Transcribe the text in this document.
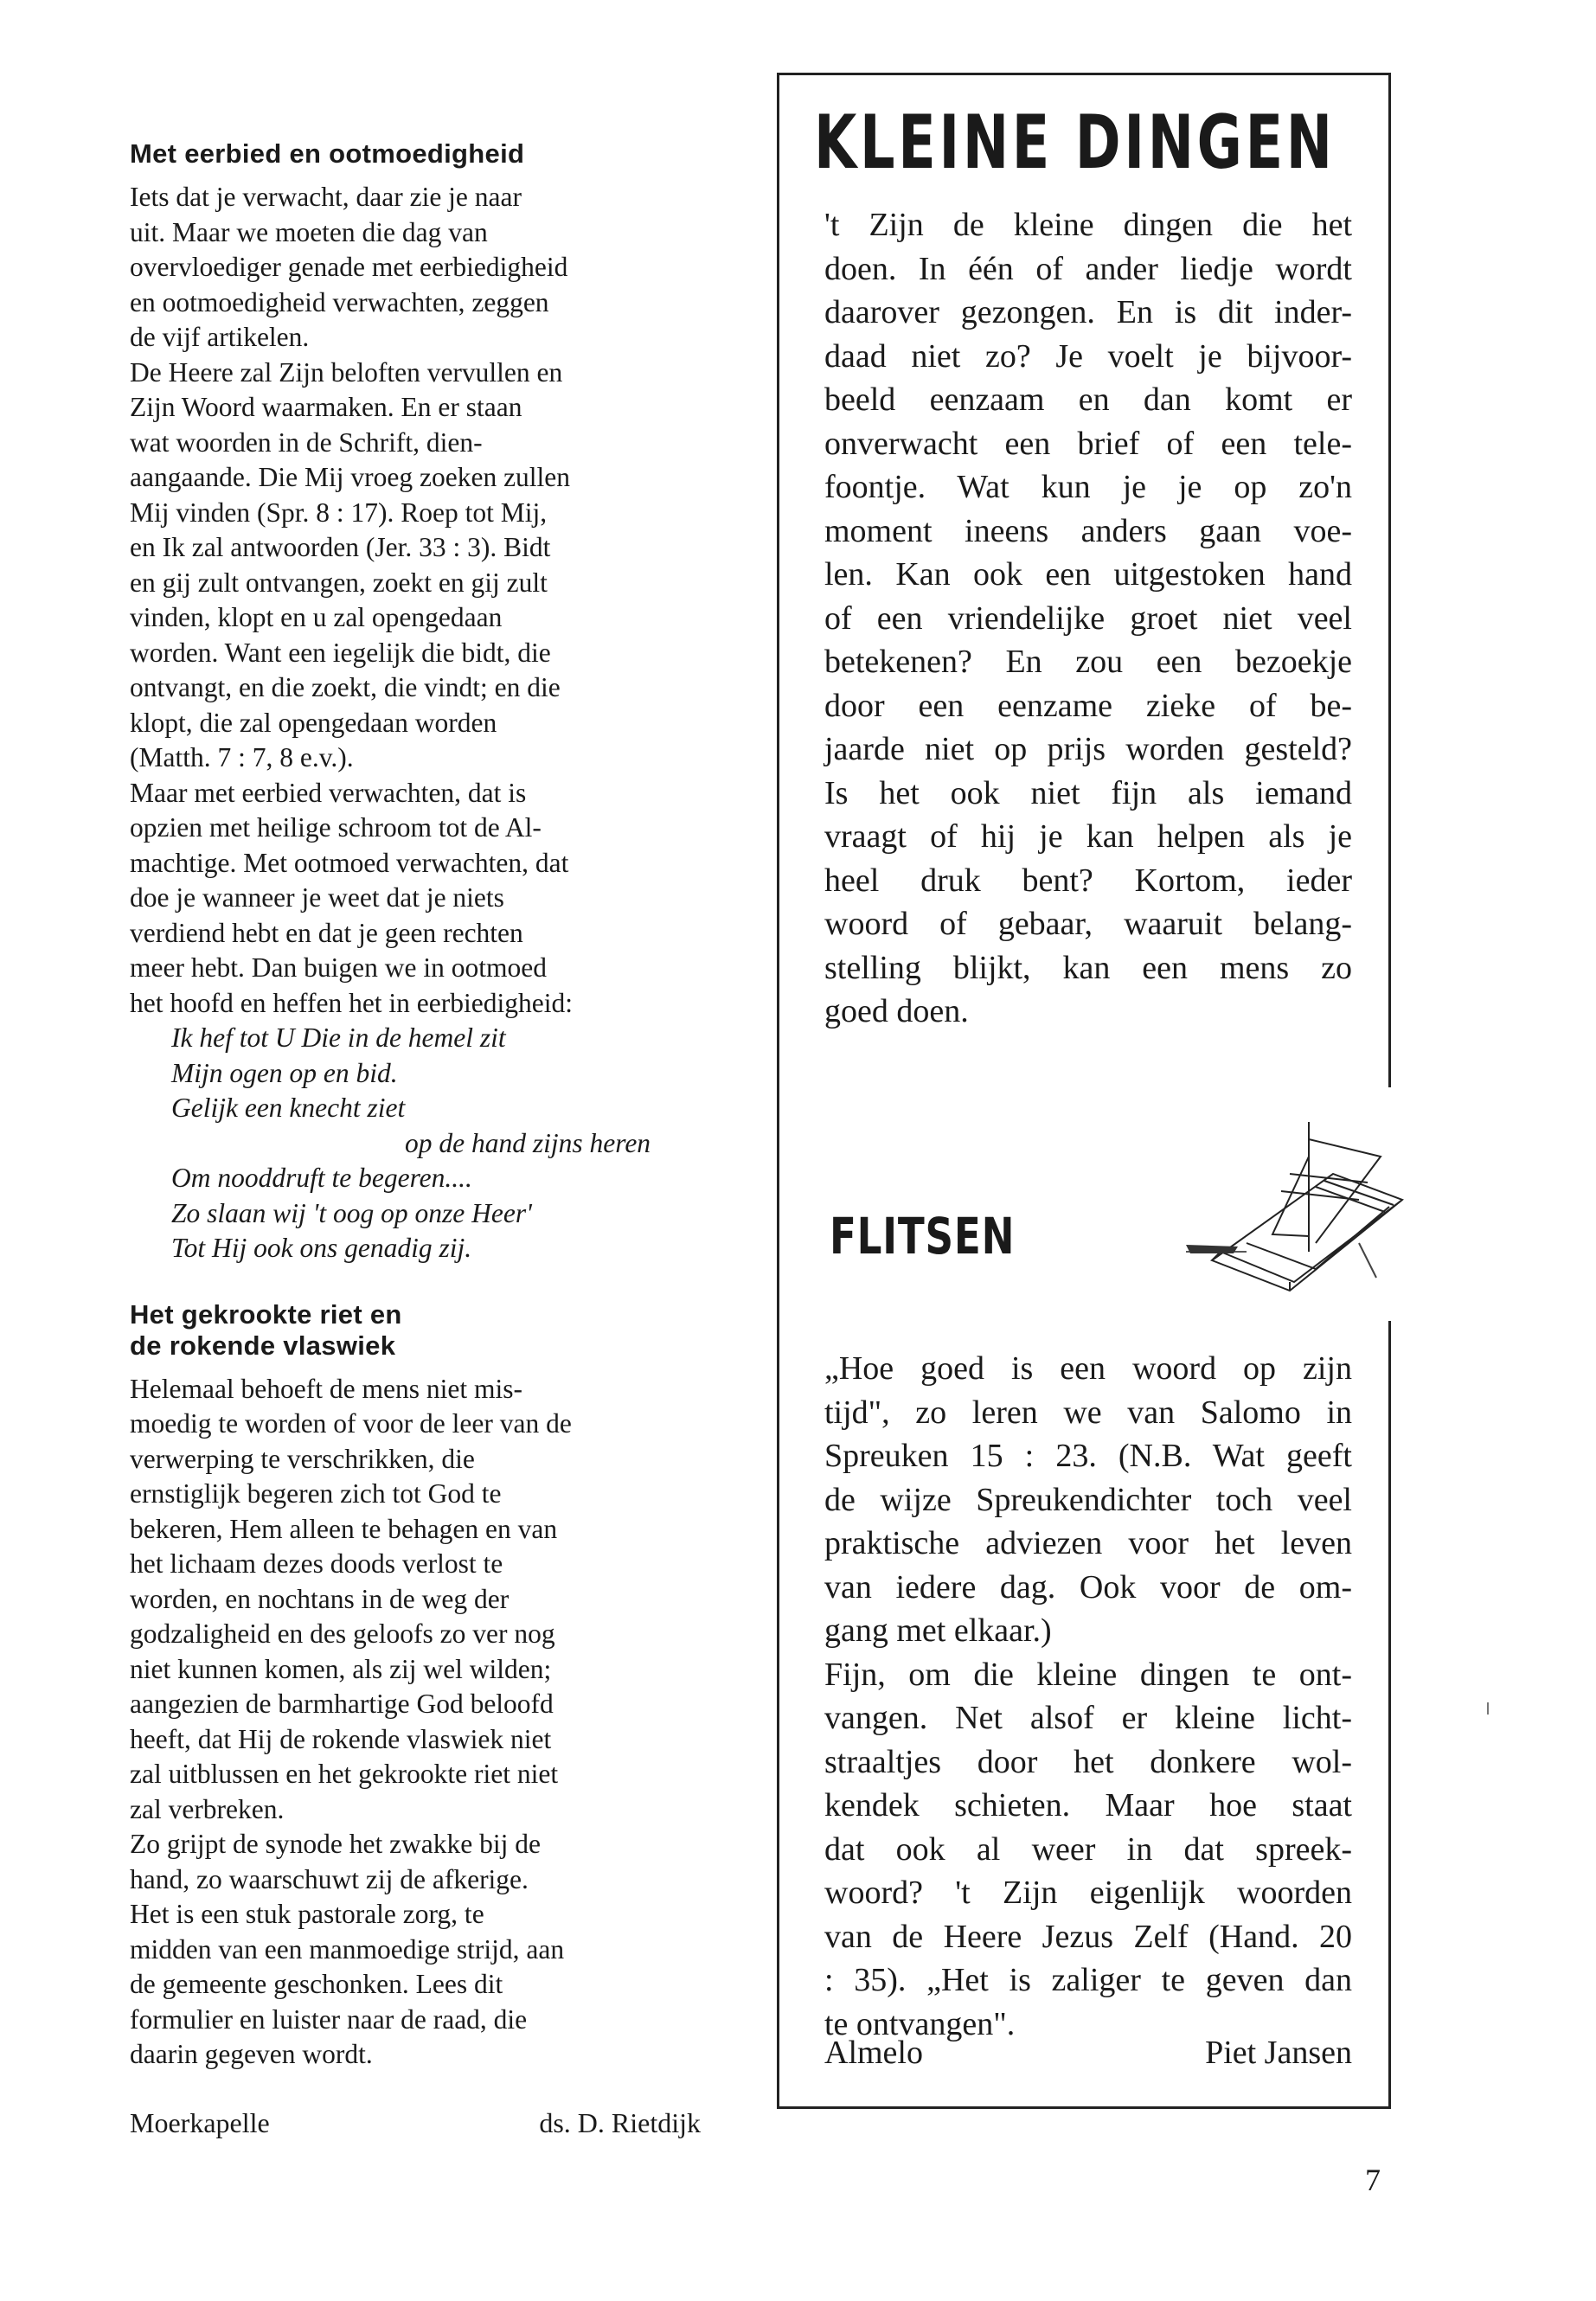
Met eerbied en ootmoedigheid
Iets dat je verwacht, daar zie je naar
uit. Maar we moeten die dag van
overvloediger genade met eerbiedigheid
en ootmoedigheid verwachten, zeggen
de vijf artikelen.
De Heere zal Zijn beloften vervullen en
Zijn Woord waarmaken. En er staan
wat woorden in de Schrift, dien-
aangaande. Die Mij vroeg zoeken zullen
Mij vinden (Spr. 8 : 17). Roep tot Mij,
en Ik zal antwoorden (Jer. 33 : 3). Bidt
en gij zult ontvangen, zoekt en gij zult
vinden, klopt en u zal opengedaan
worden. Want een iegelijk die bidt, die
ontvangt, en die zoekt, die vindt; en die
klopt, die zal opengedaan worden
(Matth. 7 : 7, 8 e.v.).
Maar met eerbied verwachten, dat is
opzien met heilige schroom tot de Al-
machtige. Met ootmoed verwachten, dat
doe je wanneer je weet dat je niets
verdiend hebt en dat je geen rechten
meer hebt. Dan buigen we in ootmoed
het hoofd en heffen het in eerbiedigheid:
Ik hef tot U Die in de hemel zit
Mijn ogen op en bid.
Gelijk een knecht ziet
op de hand zijns heren
Om nooddruft te begeren....
Zo slaan wij 't oog op onze Heer'
Tot Hij ook ons genadig zij.
Het gekrookte riet en
de rokende vlaswiek
Helemaal behoeft de mens niet mis-
moedig te worden of voor de leer van de
verwerping te verschrikken, die
ernstiglijk begeren zich tot God te
bekeren, Hem alleen te behagen en van
het lichaam dezes doods verlost te
worden, en nochtans in de weg der
godzaligheid en des geloofs zo ver nog
niet kunnen komen, als zij wel wilden;
aangezien de barmhartige God beloofd
heeft, dat Hij de rokende vlaswiek niet
zal uitblussen en het gekrookte riet niet
zal verbreken.
Zo grijpt de synode het zwakke bij de
hand, zo waarschuwt zij de afkerige.
Het is een stuk pastorale zorg, te
midden van een manmoedige strijd, aan
de gemeente geschonken. Lees dit
formulier en luister naar de raad, die
daarin gegeven wordt.
Moerkapelle	ds. D. Rietdijk
KLEINE DINGEN
't Zijn de kleine dingen die het
doen. In één of ander liedje wordt
daarover gezongen. En is dit inder-
daad niet zo? Je voelt je bijvoor-
beeld eenzaam en dan komt er
onverwacht een brief of een tele-
foontje. Wat kun je je op zo'n
moment ineens anders gaan voe-
len. Kan ook een uitgestoken hand
of een vriendelijke groet niet veel
betekenen? En zou een bezoekje
door een eenzame zieke of be-
jaarde niet op prijs worden gesteld?
Is het ook niet fijn als iemand
vraagt of hij je kan helpen als je
heel druk bent? Kortom, ieder
woord of gebaar, waaruit belang-
stelling blijkt, kan een mens zo
goed doen.
FLITSEN
„Hoe goed is een woord op zijn
tijd", zo leren we van Salomo in
Spreuken 15 : 23. (N.B. Wat geeft
de wijze Spreukendichter toch veel
praktische adviezen voor het leven
van iedere dag. Ook voor de om-
gang met elkaar.)
Fijn, om die kleine dingen te ont-
vangen. Net alsof er kleine licht-
straaltjes door het donkere wol-
kendek schieten. Maar hoe staat
dat ook al weer in dat spreek-
woord? 't Zijn eigenlijk woorden
van de Heere Jezus Zelf (Hand. 20
: 35). „Het is zaliger te geven dan
te ontvangen".
Almelo	Piet Jansen
7
